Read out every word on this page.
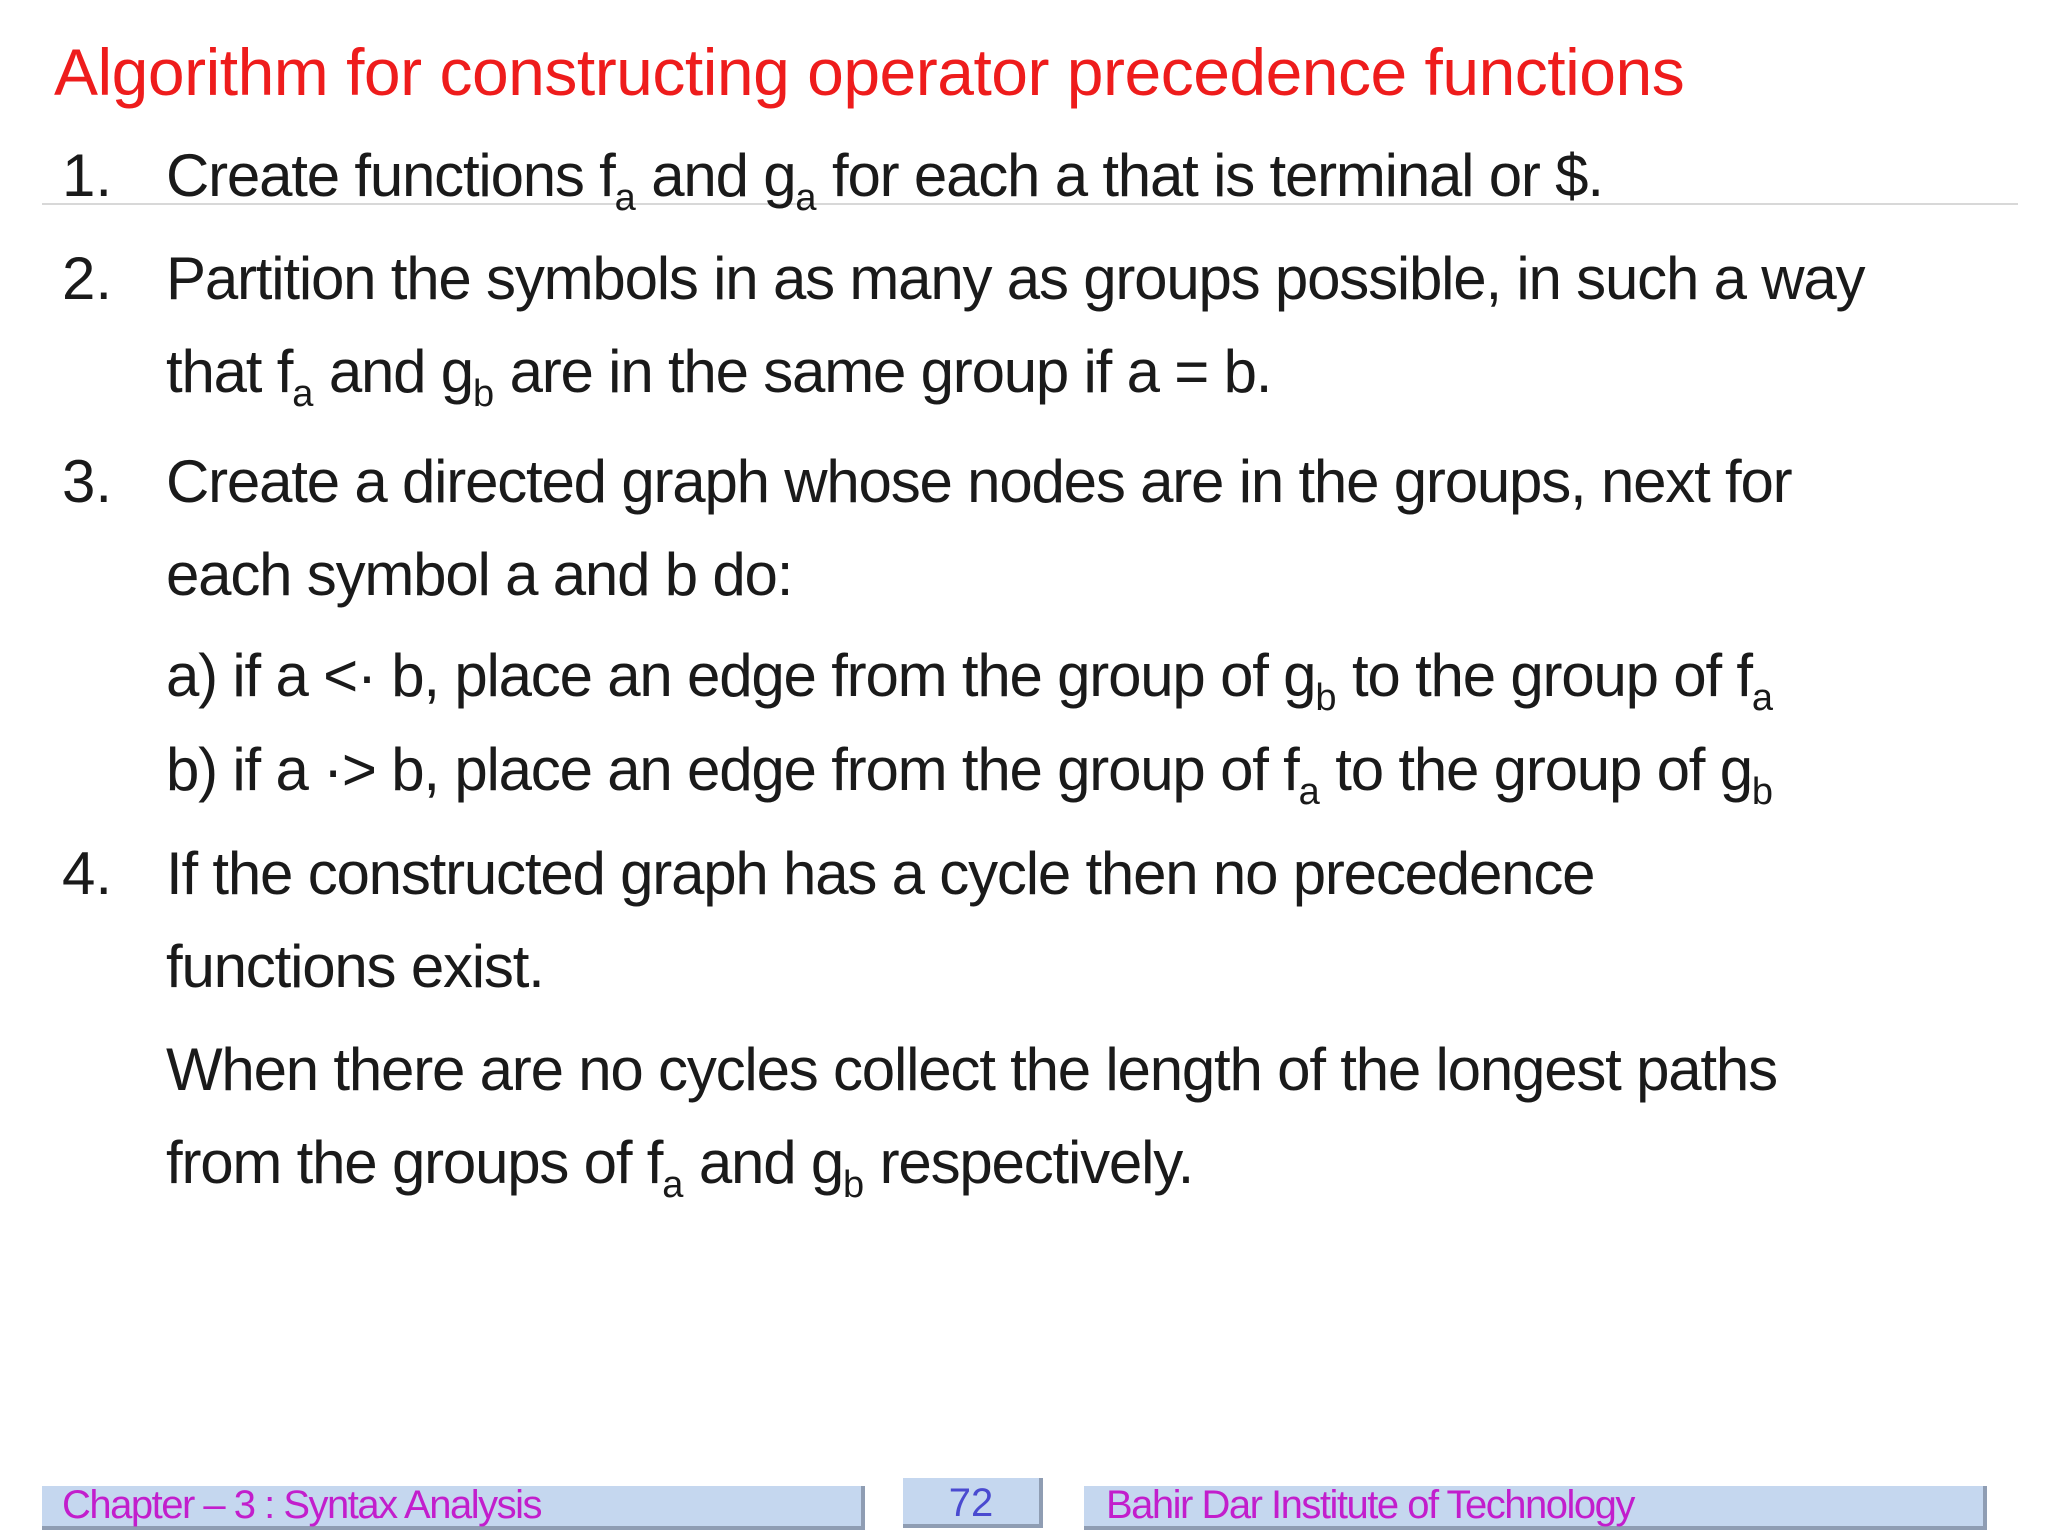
Algorithm for constructing operator precedence functions
1. Create functions $f_a$ and $g_a$ for each a that is terminal or $.
2. Partition the symbols in as many as groups possible, in such a way
that $f_a$ and $g_b$ are in the same group if a = b.
3. Create a directed graph whose nodes are in the groups, next for
each symbol a and b do:
a) if a <· b, place an edge from the group of $g_b$ to the group of $f_a$
b) if a ·> b, place an edge from the group of $f_a$ to the group of $g_b$
4. If the constructed graph has a cycle then no precedence
functions exist.
When there are no cycles collect the length of the longest paths
from the groups of $f_a$ and $g_b$ respectively.
Chapter – 3 : Syntax Analysis	72	Bahir Dar Institute of Technology
